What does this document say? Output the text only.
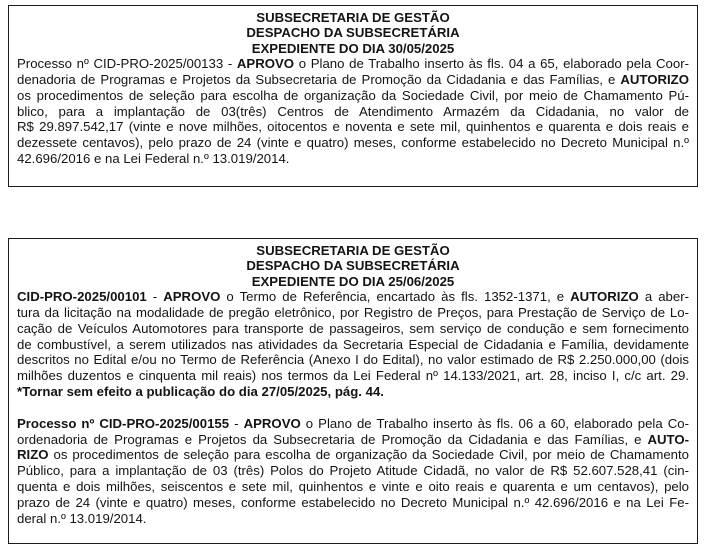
SUBSECRETARIA DE GESTÃO
DESPACHO DA SUBSECRETÁRIA
EXPEDIENTE DO DIA 30/05/2025
Processo nº CID-PRO-2025/00133 - APROVO o Plano de Trabalho inserto às fls. 04 a 65, elaborado pela Coor-
denadoria de Programas e Projetos da Subsecretaria de Promoção da Cidadania e das Famílias, e AUTORIZO
os procedimentos de seleção para escolha de organização da Sociedade Civil, por meio de Chamamento Pú-
blico, para a implantação de 03(três) Centros de Atendimento Armazém da Cidadania, no valor de
R$ 29.897.542,17 (vinte e nove milhões, oitocentos e noventa e sete mil, quinhentos e quarenta e dois reais e
dezessete centavos), pelo prazo de 24 (vinte e quatro) meses, conforme estabelecido no Decreto Municipal n.º
42.696/2016 e na Lei Federal n.º 13.019/2014.
SUBSECRETARIA DE GESTÃO
DESPACHO DA SUBSECRETÁRIA
EXPEDIENTE DO DIA 25/06/2025
CID-PRO-2025/00101 - APROVO o Termo de Referência, encartado às fls. 1352-1371, e AUTORIZO a aber-
tura da licitação na modalidade de pregão eletrônico, por Registro de Preços, para Prestação de Serviço de Lo-
cação de Veículos Automotores para transporte de passageiros, sem serviço de condução e sem fornecimento
de combustível, a serem utilizados nas atividades da Secretaria Especial de Cidadania e Família, devidamente
descritos no Edital e/ou no Termo de Referência (Anexo I do Edital), no valor estimado de R$ 2.250.000,00 (dois
milhões duzentos e cinquenta mil reais) nos termos da Lei Federal nº 14.133/2021, art. 28, inciso I, c/c art. 29.
*Tornar sem efeito a publicação do dia 27/05/2025, pág. 44.
Processo nº CID-PRO-2025/00155 - APROVO o Plano de Trabalho inserto às fls. 06 a 60, elaborado pela Co-
ordenadoria de Programas e Projetos da Subsecretaria de Promoção da Cidadania e das Famílias, e AUTO-
RIZO os procedimentos de seleção para escolha de organização da Sociedade Civil, por meio de Chamamento
Público, para a implantação de 03 (três) Polos do Projeto Atitude Cidadã, no valor de R$ 52.607.528,41 (cin-
quenta e dois milhões, seiscentos e sete mil, quinhentos e vinte e oito reais e quarenta e um centavos), pelo
prazo de 24 (vinte e quatro) meses, conforme estabelecido no Decreto Municipal n.º 42.696/2016 e na Lei Fe-
deral n.º 13.019/2014.
